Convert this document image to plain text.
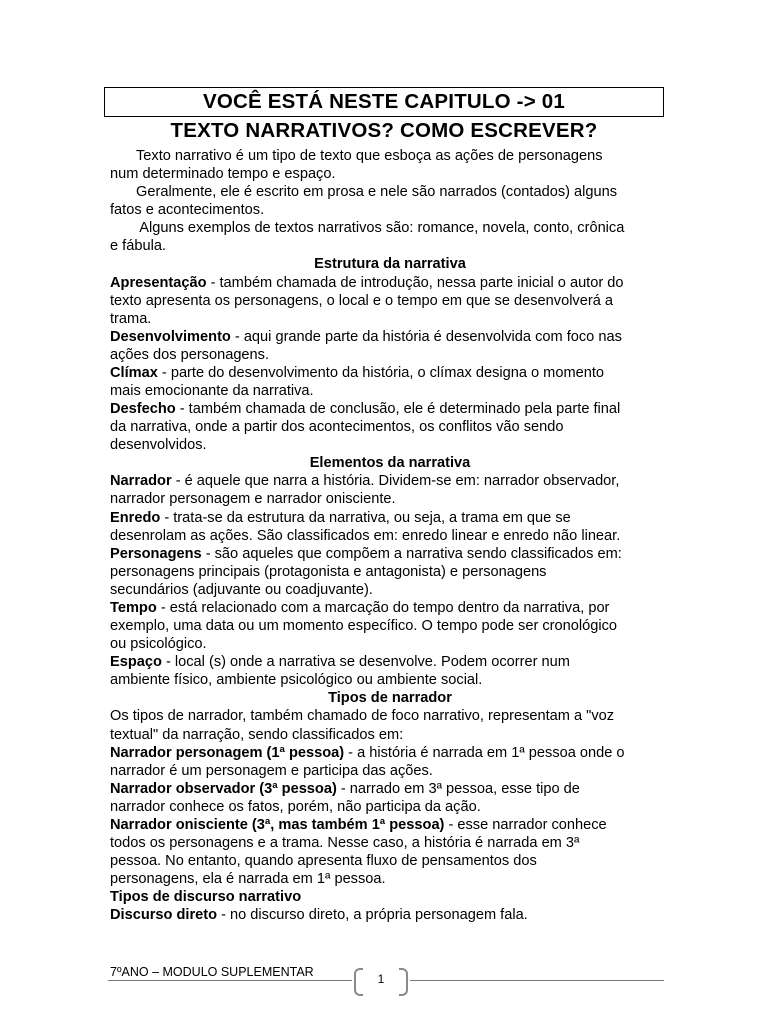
VOCÊ ESTÁ NESTE CAPITULO -> 01
TEXTO NARRATIVOS? COMO ESCREVER?
Texto narrativo é um tipo de texto que esboça as ações de personagens
num determinado tempo e espaço.
Geralmente, ele é escrito em prosa e nele são narrados (contados) alguns
fatos e acontecimentos.
Alguns exemplos de textos narrativos são: romance, novela, conto, crônica
e fábula.
Estrutura da narrativa
Apresentação - também chamada de introdução, nessa parte inicial o autor do
texto apresenta os personagens, o local e o tempo em que se desenvolverá a
trama.
Desenvolvimento - aqui grande parte da história é desenvolvida com foco nas
ações dos personagens.
Clímax - parte do desenvolvimento da história, o clímax designa o momento
mais emocionante da narrativa.
Desfecho - também chamada de conclusão, ele é determinado pela parte final
da narrativa, onde a partir dos acontecimentos, os conflitos vão sendo
desenvolvidos.
Elementos da narrativa
Narrador - é aquele que narra a história. Dividem-se em: narrador observador,
narrador personagem e narrador onisciente.
Enredo - trata-se da estrutura da narrativa, ou seja, a trama em que se
desenrolam as ações. São classificados em: enredo linear e enredo não linear.
Personagens - são aqueles que compõem a narrativa sendo classificados em:
personagens principais (protagonista e antagonista) e personagens
secundários (adjuvante ou coadjuvante).
Tempo - está relacionado com a marcação do tempo dentro da narrativa, por
exemplo, uma data ou um momento específico. O tempo pode ser cronológico
ou psicológico.
Espaço - local (s) onde a narrativa se desenvolve. Podem ocorrer num
ambiente físico, ambiente psicológico ou ambiente social.
Tipos de narrador
Os tipos de narrador, também chamado de foco narrativo, representam a "voz
textual" da narração, sendo classificados em:
Narrador personagem (1ª pessoa) - a história é narrada em 1ª pessoa onde o
narrador é um personagem e participa das ações.
Narrador observador (3ª pessoa) - narrado em 3ª pessoa, esse tipo de
narrador conhece os fatos, porém, não participa da ação.
Narrador onisciente (3ª, mas também 1ª pessoa) - esse narrador conhece
todos os personagens e a trama. Nesse caso, a história é narrada em 3ª
pessoa. No entanto, quando apresenta fluxo de pensamentos dos
personagens, ela é narrada em 1ª pessoa.
Tipos de discurso narrativo
Discurso direto - no discurso direto, a própria personagem fala.
7ºANO – MODULO SUPLEMENTAR	1
